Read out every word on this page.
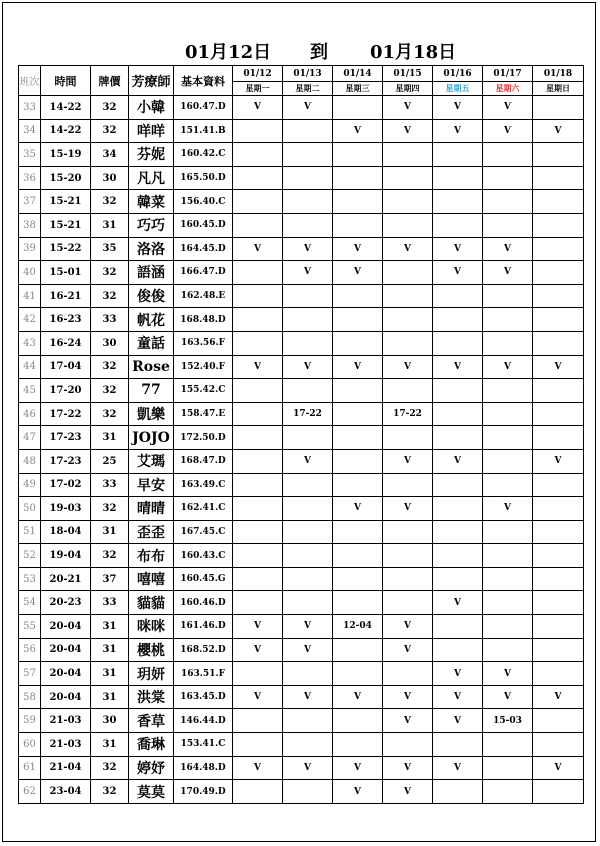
01月12日 到 01月18日
班次	時間	牌價	芳療師	基本資料	01/12	01/13	01/14	01/15	01/16	01/17	01/18
					星期一	星期二	星期三	星期四	星期五	星期六	星期日
33	14-22	32	小韓	160.47.D	V	V		V	V	V	
34	14-22	32	咩咩	151.41.B			V	V	V	V	V
35	15-19	34	芬妮	160.42.C							
36	15-20	30	凡凡	165.50.D							
37	15-21	32	韓菜	156.40.C							
38	15-21	31	巧巧	160.45.D							
39	15-22	35	洛洛	164.45.D	V	V	V	V	V	V	
40	15-01	32	語涵	166.47.D		V	V		V	V	
41	16-21	32	俊俊	162.48.E							
42	16-23	33	帆花	168.48.D							
43	16-24	30	童話	163.56.F							
44	17-04	32	Rose	152.40.F	V	V	V	V	V	V	V
45	17-20	32	77	155.42.C							
46	17-22	32	凱樂	158.47.E		17-22		17-22			
47	17-23	31	JOJO	172.50.D							
48	17-23	25	艾瑪	168.47.D		V		V	V		V
49	17-02	33	早安	163.49.C							
50	19-03	32	晴晴	162.41.C			V	V		V	
51	18-04	31	歪歪	167.45.C							
52	19-04	32	布布	160.43.C							
53	20-21	37	嘻嘻	160.45.G							
54	20-23	33	貓貓	160.46.D					V		
55	20-04	31	咪咪	161.46.D	V	V	12-04	V			
56	20-04	31	櫻桃	168.52.D	V	V		V			
57	20-04	31	玥妍	163.51.F					V	V	
58	20-04	31	洪棠	163.45.D	V	V	V	V	V	V	V
59	21-03	30	香草	146.44.D				V	V	15-03	
60	21-03	31	喬琳	153.41.C							
61	21-04	32	婷妤	164.48.D	V	V	V	V	V		V
62	23-04	32	莫莫	170.49.D			V	V			
